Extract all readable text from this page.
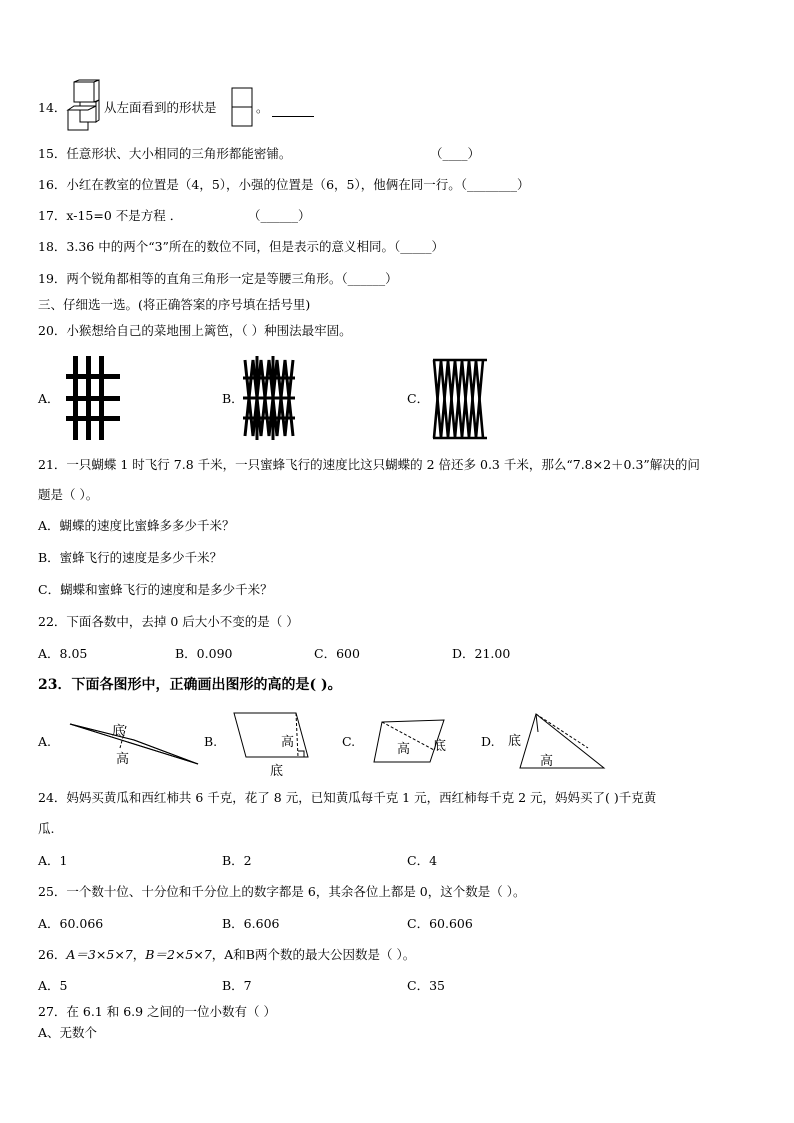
14．	从左面看到的形状是	。

15．任意形状、大小相同的三角形都能密铺。	（____）
16．小红在教室的位置是（4，5），小强的位置是（6，5），他俩在同一行。（________）
17．x-15=0 不是方程 ．	（______）
18．3.36 中的两个“3”所在的数位不同，但是表示的意义相同。（_____）
19．两个锐角都相等的直角三角形一定是等腰三角形。（______）
三、仔细选一选。(将正确答案的序号填在括号里)
20．小猴想给自己的菜地围上篱笆，（ ）种围法最牢固。
A．	B．	C．
21．一只蝴蝶 1 时飞行 7.8 千米，一只蜜蜂飞行的速度比这只蝴蝶的 2 倍还多 0.3 千米，那么“7.8×2＋0.3”解决的问
题是（ ）。
A．蝴蝶的速度比蜜蜂多多少千米？
B．蜜蜂飞行的速度是多少千米？
C．蝴蝶和蜜蜂飞行的速度和是多少千米？
22．下面各数中，去掉 0 后大小不变的是（ ）
A．8.05	B．0.090	C．600	D．21.00
23．下面各图形中，正确画出图形的高的是( )。
A.
底
高
B.	高
底
C.
高 底	D. 底
高
24．妈妈买黄瓜和西红柿共 6 千克，花了 8 元，已知黄瓜每千克 1 元，西红柿每千克 2 元，妈妈买了( )千克黄
瓜.
A．1	B．2	C．4
25．一个数十位、十分位和千分位上的数字都是 6，其余各位上都是 0，这个数是（ ）。
A．60.066	B．6.606	C．60.606
26．A＝3×5×7，B＝2×5×7，A和B两个数的最大公因数是（ ）。
A．5	B．7	C．35
27．在 6.1 和 6.9 之间的一位小数有（ ）
A、无数个
